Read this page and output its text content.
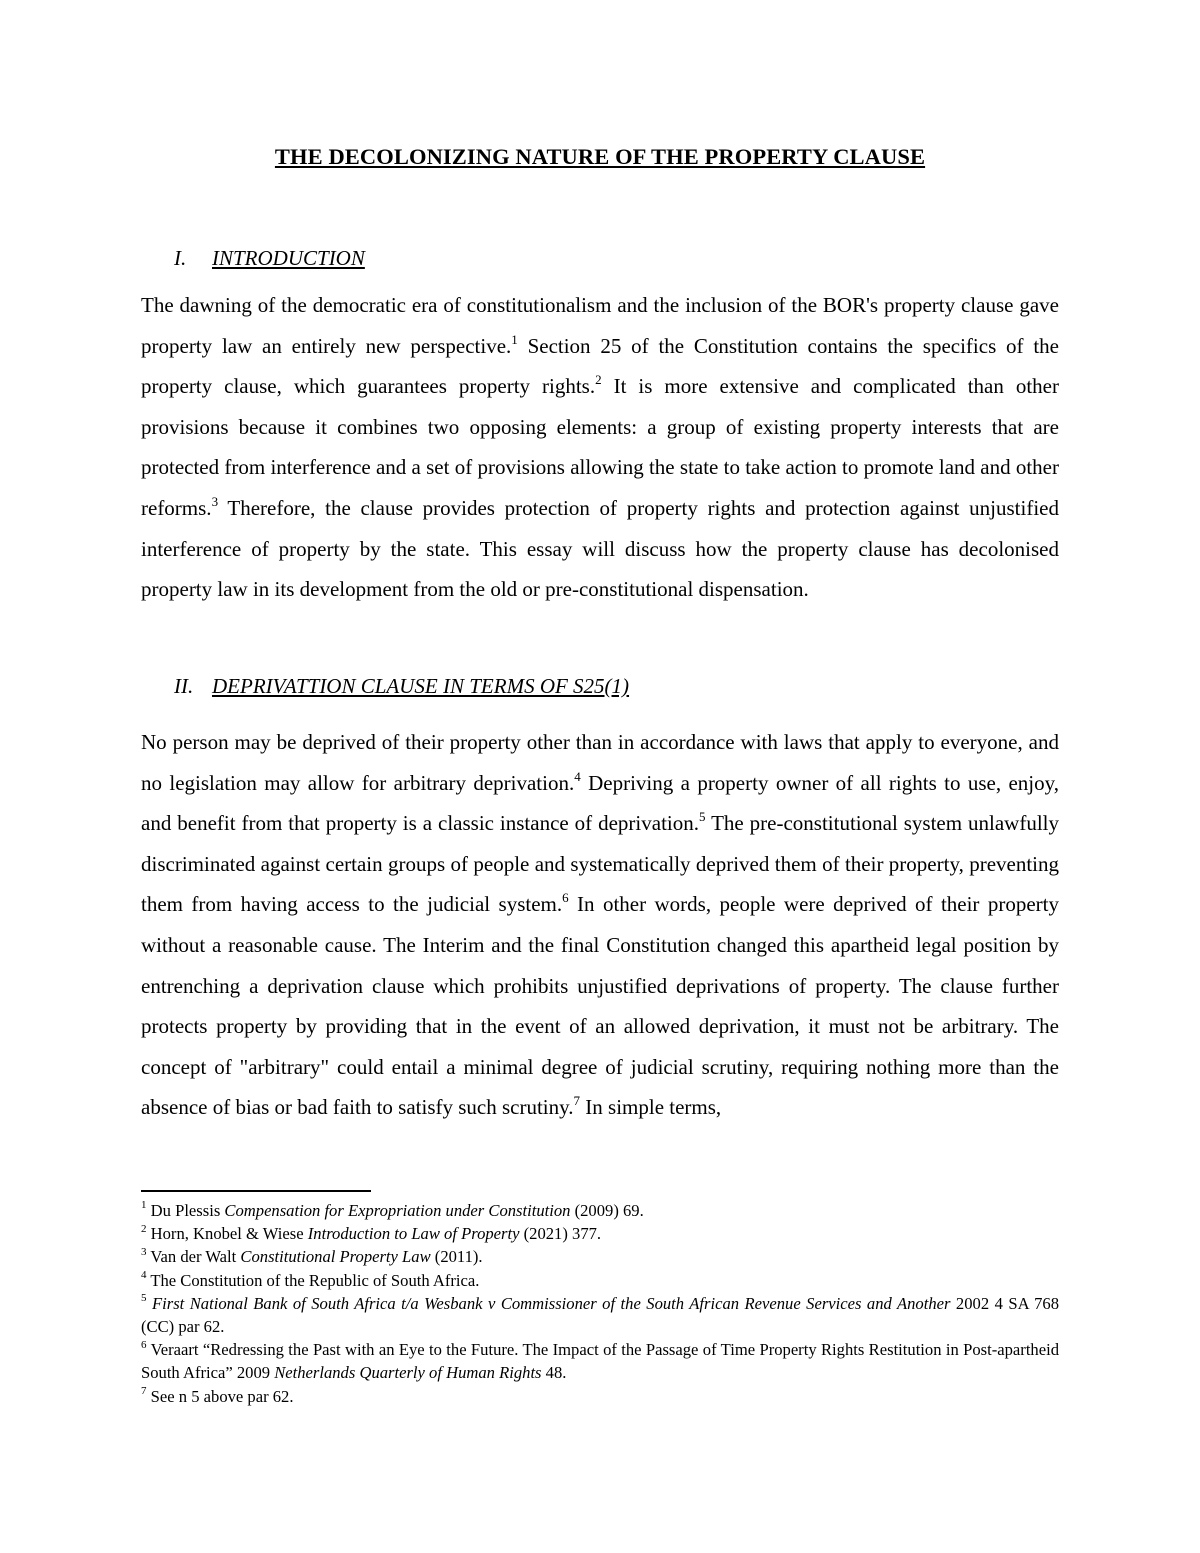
THE DECOLONIZING NATURE OF THE PROPERTY CLAUSE
I. INTRODUCTION

The dawning of the democratic era of constitutionalism and the inclusion of the BOR's property clause gave property law an entirely new perspective.$^1$ Section 25 of the Constitution contains the specifics of the property clause, which guarantees property rights.$^2$ It is more extensive and complicated than other provisions because it combines two opposing elements: a group of existing property interests that are protected from interference and a set of provisions allowing the state to take action to promote land and other reforms.$^3$ Therefore, the clause provides protection of property rights and protection against unjustified interference of property by the state. This essay will discuss how the property clause has decolonised property law in its development from the old or pre-constitutional dispensation.

II. DEPRIVATTION CLAUSE IN TERMS OF S25(1)

No person may be deprived of their property other than in accordance with laws that apply to everyone, and no legislation may allow for arbitrary deprivation.$^4$ Depriving a property owner of all rights to use, enjoy, and benefit from that property is a classic instance of deprivation.$^5$ The pre-constitutional system unlawfully discriminated against certain groups of people and systematically deprived them of their property, preventing them from having access to the judicial system.$^6$ In other words, people were deprived of their property without a reasonable cause. The Interim and the final Constitution changed this apartheid legal position by entrenching a deprivation clause which prohibits unjustified deprivations of property. The clause further protects property by providing that in the event of an allowed deprivation, it must not be arbitrary. The concept of "arbitrary" could entail a minimal degree of judicial scrutiny, requiring nothing more than the absence of bias or bad faith to satisfy such scrutiny.$^7$ In simple terms,

$^1$ Du Plessis Compensation for Expropriation under Constitution (2009) 69.

$^2$ Horn, Knobel & Wiese Introduction to Law of Property (2021) 377.

$^3$ Van der Walt Constitutional Property Law (2011).

$^4$ The Constitution of the Republic of South Africa.

$^5$ First National Bank of South Africa t/a Wesbank v Commissioner of the South African Revenue Services and Another 2002 4 SA 768 (CC) par 62.

$^6$ Veraart “Redressing the Past with an Eye to the Future. The Impact of the Passage of Time Property Rights Restitution in Post-apartheid South Africa” 2009 Netherlands Quarterly of Human Rights 48.

$^7$ See n 5 above par 62.
